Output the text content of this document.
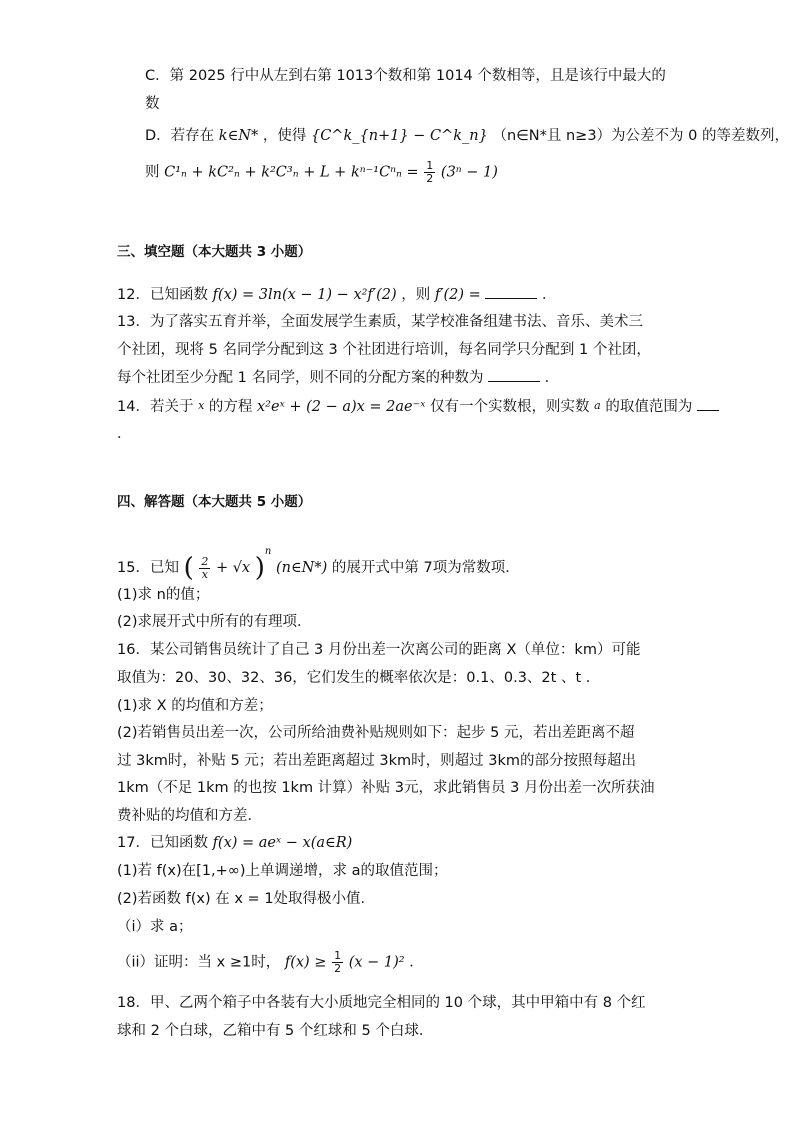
C．第 2025 行中从左到右第 1013个数和第 1014 个数相等，且是该行中最大的
数
D．若存在 k∈N* ，使得 {C^k_{n+1} − C^k_n} （n∈N*且 n≥3）为公差不为 0 的等差数列，
则 $C^1_n + kC^2_n + k^2C^3_n + L + k^{n-1}C^n_n = \frac{1}{2} (3^n - 1)$
三、填空题（本大题共 3 小题）
12．已知函数 f(x) = 3ln(x − 1) − x²f′(2) ，则 f′(2) =	．
13．为了落实五育并举，全面发展学生素质，某学校准备组建书法、音乐、美术三
个社团，现将 5 名同学分配到这 3 个社团进行培训，每名同学只分配到 1 个社团，
每个社团至少分配 1 名同学，则不同的分配方案的种数为	．
14．若关于 $^x$ 的方程 x²eˣ + (2 − a)x = 2ae⁻ˣ 仅有一个实数根，则实数 $^a$ 的取值范围为
．
四、解答题（本大题共 5 小题）
15．已知 ( $\frac{2}{x} + √x$ )$^n$ (n∈N*) 的展开式中第 7项为常数项．
(1)求 n的值；
(2)求展开式中所有的有理项．
16．某公司销售员统计了自己 3 月份出差一次离公司的距离 X（单位：km）可能
取值为：20、30、32、36，它们发生的概率依次是：0.1、0.3、2t 、t ．
(1)求 X 的均值和方差；
(2)若销售员出差一次，公司所给油费补贴规则如下：起步 5 元，若出差距离不超
过 3km时，补贴 5 元；若出差距离超过 3km时，则超过 3km的部分按照每超出
1km（不足 1km 的也按 1km 计算）补贴 3元，求此销售员 3 月份出差一次所获油
费补贴的均值和方差．
17．已知函数 f(x) = aeˣ − x(a∈R)
(1)若 f(x)在[1,+∞)上单调递增，求 a的取值范围；
(2)若函数 f(x) 在 x = 1处取得极小值．
（i）求 a；
（ii）证明：当 x ≥1时， $f(x) \ge \frac{1}{2} (x - 1)^2$ ．
18．甲、乙两个箱子中各装有大小质地完全相同的 10 个球，其中甲箱中有 8 个红
球和 2 个白球，乙箱中有 5 个红球和 5 个白球．
